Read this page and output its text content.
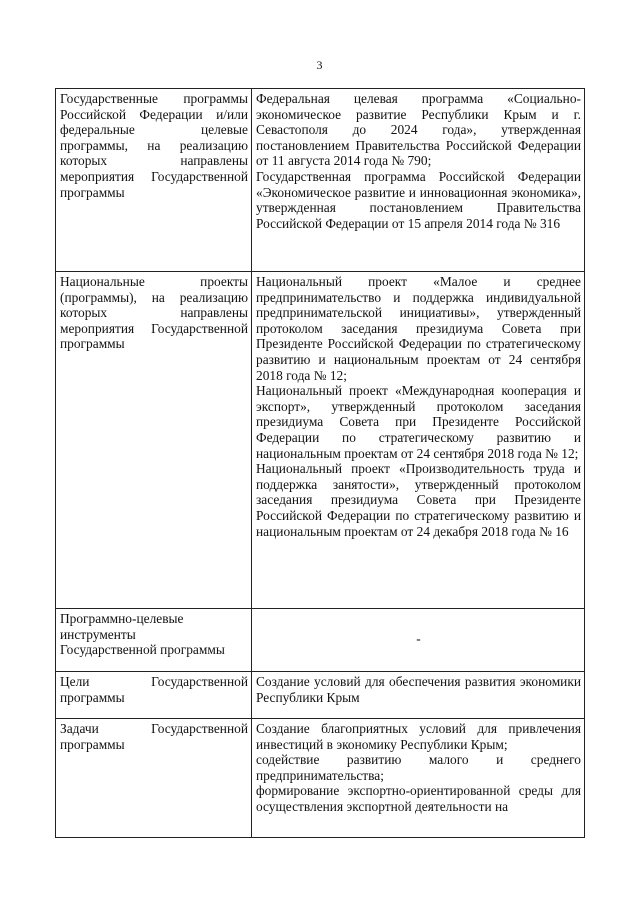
3
Государственные программы Российской Федерации и/или федеральные целевые программы, на реализацию которых направлены мероприятия Государственной программы	Федеральная целевая программа «Социально-экономическое развитие Республики Крым и г. Севастополя до 2024 года», утвержденная постановлением Правительства Российской Федерации от 11 августа 2014 года № 790;

Государственная программа Российской Федерации «Экономическое развитие и инновационная экономика», утвержденная постановлением Правительства Российской Федерации от 15 апреля 2014 года № 316

Национальные проекты (программы), на реализацию которых направлены мероприятия Государственной программы	Национальный проект «Малое и среднее предпринимательство и поддержка индивидуальной предпринимательской инициативы», утвержденный протоколом заседания президиума Совета при Президенте Российской Федерации по стратегическому развитию и национальным проектам от 24 сентября 2018 года № 12;

Национальный проект «Международная кооперация и экспорт», утвержденный протоколом заседания президиума Совета при Президенте Российской Федерации по стратегическому развитию и национальным проектам от 24 сентября 2018 года № 12;

Национальный проект «Производительность труда и поддержка занятости», утвержденный протоколом заседания президиума Совета при Президенте Российской Федерации по стратегическому развитию и национальным проектам от 24 декабря 2018 года № 16

Программно-целевые
инструменты
Государственной программы	-
Цели Государственной программы	Создание условий для обеспечения развития экономики Республики Крым

Задачи Государственной программы	Создание благоприятных условий для привлечения инвестиций в экономику Республики Крым;

содействие развитию малого и среднего предпринимательства;

формирование экспортно-ориентированной среды для осуществления экспортной деятельности на
